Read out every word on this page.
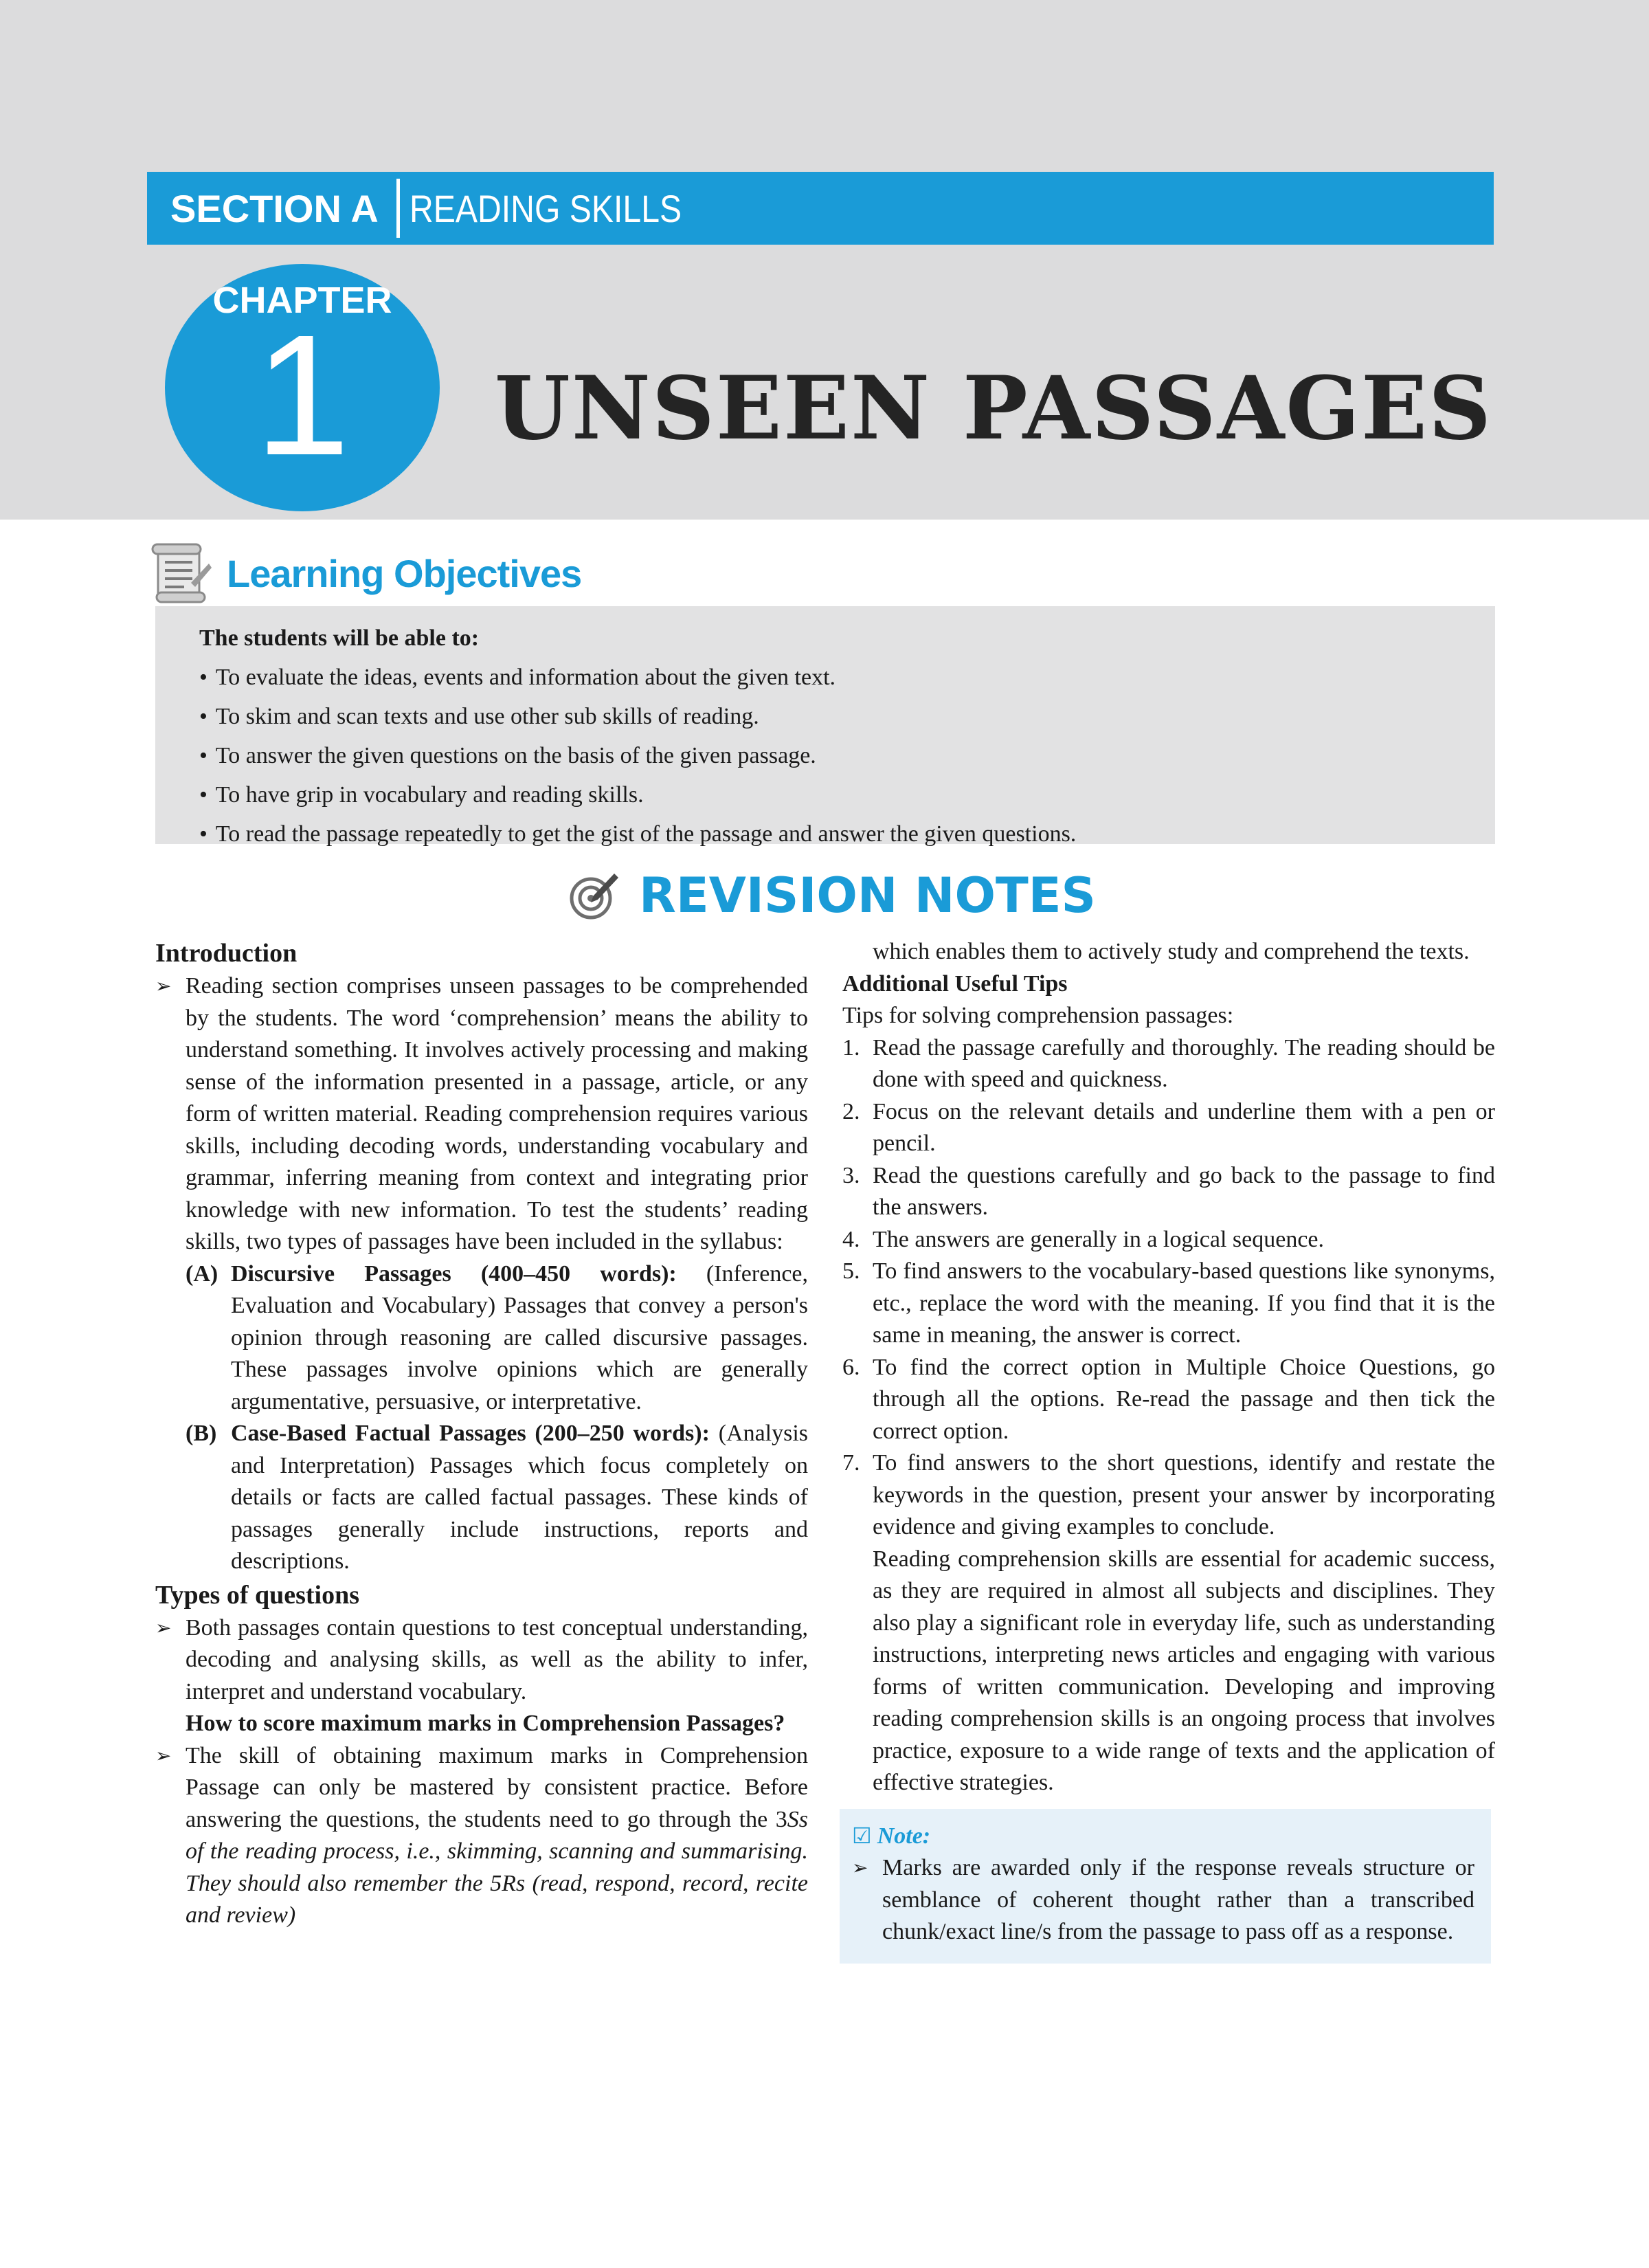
SECTION A READING SKILLS
CHAPTER
1	UNSEEN PASSAGES
Learning Objectives
The students will be able to:
• To evaluate the ideas, events and information about the given text.
• To skim and scan texts and use other sub skills of reading.
• To answer the given questions on the basis of the given passage.
• To have grip in vocabulary and reading skills.
• To read the passage repeatedly to get the gist of the passage and answer the given questions.
REVISION NOTES
Introduction
➢ Reading section comprises unseen passages to be comprehended by the students. The word ‘comprehension’ means the ability to understand something. It involves actively processing and making sense of the information presented in a passage, article, or any form of written material. Reading comprehension requires various skills, including decoding words, understanding vocabulary and grammar, inferring meaning from context and integrating prior knowledge with new information. To test the students’ reading skills, two types of passages have been included in the syllabus:
(A) Discursive Passages (400–450 words): (Inference, Evaluation and Vocabulary) Passages that convey a person's opinion through reasoning are called discursive passages. These passages involve opinions which are generally argumentative, persuasive, or interpretative.
(B) Case-Based Factual Passages (200–250 words): (Analysis and Interpretation) Passages which focus completely on details or facts are called factual passages. These kinds of passages generally include instructions, reports and descriptions.
Types of questions
➢ Both passages contain questions to test conceptual understanding, decoding and analysing skills, as well as the ability to infer, interpret and understand vocabulary.
How to score maximum marks in Comprehension Passages?
➢ The skill of obtaining maximum marks in Comprehension Passage can only be mastered by consistent practice. Before answering the questions, the students need to go through the 3Ss of the reading process, i.e., skimming, scanning and summarising. They should also remember the 5Rs (read, respond, record, recite and review)
which enables them to actively study and comprehend the texts.
Additional Useful Tips
Tips for solving comprehension passages:
1. Read the passage carefully and thoroughly. The reading should be done with speed and quickness.
2. Focus on the relevant details and underline them with a pen or pencil.
3. Read the questions carefully and go back to the passage to find the answers.
4. The answers are generally in a logical sequence.
5. To find answers to the vocabulary-based questions like synonyms, etc., replace the word with the meaning. If you find that it is the same in meaning, the answer is correct.
6. To find the correct option in Multiple Choice Questions, go through all the options. Re-read the passage and then tick the correct option.
7. To find answers to the short questions, identify and restate the keywords in the question, present your answer by incorporating evidence and giving examples to conclude.
Reading comprehension skills are essential for academic success, as they are required in almost all subjects and disciplines. They also play a significant role in everyday life, such as understanding instructions, interpreting news articles and engaging with various forms of written communication. Developing and improving reading comprehension skills is an ongoing process that involves practice, exposure to a wide range of texts and the application of effective strategies.
☑ Note:
➢ Marks are awarded only if the response reveals structure or semblance of coherent thought rather than a transcribed chunk/exact line/s from the passage to pass off as a response.
